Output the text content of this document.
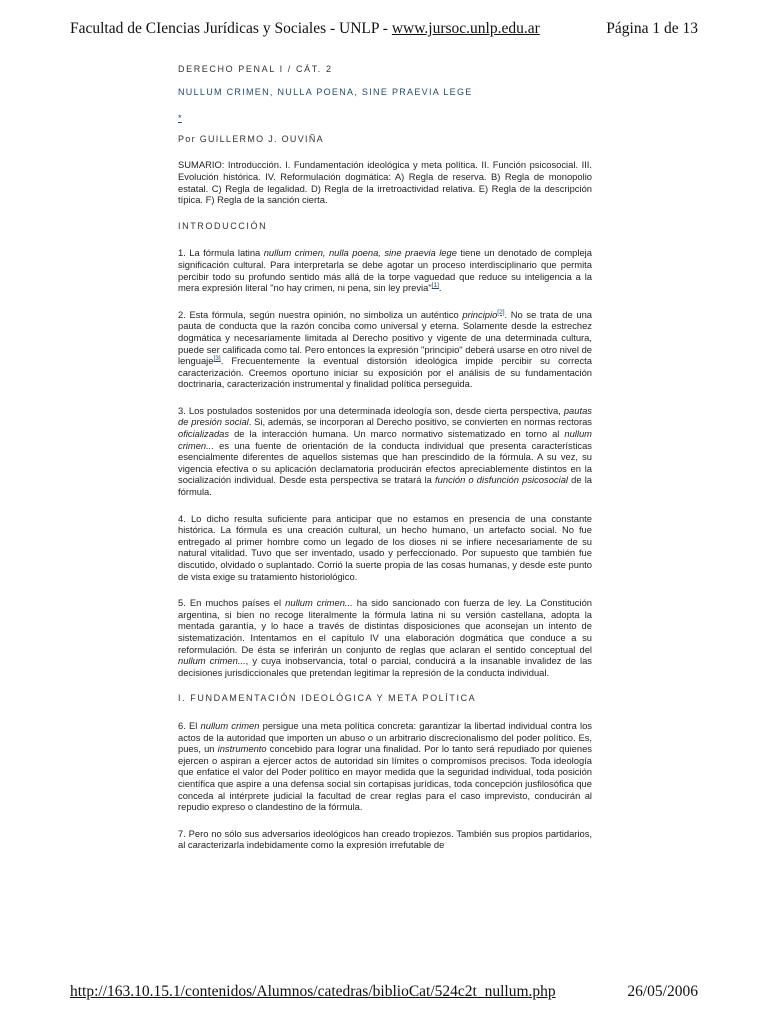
Facultad de CIencias Jurídicas y Sociales - UNLP - www.jursoc.unlp.edu.ar	Página 1 de 13
DERECHO PENAL I / CÁT. 2
NULLUM CRIMEN, NULLA POENA, SINE PRAEVIA LEGE
*
Por GUILLERMO J. OUVIÑA

SUMARIO: Introducción. I. Fundamentación ideológica y meta política. II. Función psicosocial. III. Evolución histórica. IV. Reformulación dogmática: A) Regla de reserva. B) Regla de monopolio estatal. C) Regla de legalidad. D) Regla de la irretroactividad relativa. E) Regla de la descripción típica. F) Regla de la sanción cierta.

INTRODUCCIÓN

1. La fórmula latina nullum crimen, nulla poena, sine praevia lege tiene un denotado de compleja significación cultural. Para interpretarla se debe agotar un proceso interdisciplinario que permita percibir todo su profundo sentido más allá de la torpe vaguedad que reduce su inteligencia a la mera expresión literal "no hay crimen, ni pena, sin ley previa"[1].

2. Esta fórmula, según nuestra opinión, no simboliza un auténtico principio[2]. No se trata de una pauta de conducta que la razón conciba como universal y eterna. Solamente desde la estrechez dogmática y necesariamente limitada al Derecho positivo y vigente de una determinada cultura, puede ser calificada como tal. Pero entonces la expresión "principio" deberá usarse en otro nivel de lenguaje[3]. Frecuentemente la eventual distorsión ideológica impide percibir su correcta caracterización. Creemos oportuno iniciar su exposición por el análisis de su fundamentación doctrinaria, caracterización instrumental y finalidad política perseguida.

3. Los postulados sostenidos por una determinada ideología son, desde cierta perspectiva, pautas de presión social. Si, además, se incorporan al Derecho positivo, se convierten en normas rectoras oficializadas de la interacción humana. Un marco normativo sistematizado en torno al nullum crimen... es una fuente de orientación de la conducta individual que presenta características esencialmente diferentes de aquellos sistemas que han prescindido de la fórmula. A su vez, su vigencia efectiva o su aplicación declamatoria producirán efectos apreciablemente distintos en la socialización individual. Desde esta perspectiva se tratará la función o disfunción psicosocial de la fórmula.

4. Lo dicho resulta suficiente para anticipar que no estamos en presencia de una constante histórica. La fórmula es una creación cultural, un hecho humano, un artefacto social. No fue entregado al primer hombre como un legado de los dioses ni se infiere necesariamente de su natural vitalidad. Tuvo que ser inventado, usado y perfeccionado. Por supuesto que también fue discutido, olvidado o suplantado. Corrió la suerte propia de las cosas humanas, y desde este punto de vista exige su tratamiento historiológico.

5. En muchos países el nullum crimen... ha sido sancionado con fuerza de ley. La Constitución argentina, si bien no recoge literalmente la fórmula latina ni su versión castellana, adopta la mentada garantía, y lo hace a través de distintas disposiciones que aconsejan un intento de sistematización. Intentamos en el capítulo IV una elaboración dogmática que conduce a su reformulación. De ésta se inferirán un conjunto de reglas que aclaran el sentido conceptual del nullum crimen..., y cuya inobservancia, total o parcial, conducirá a la insanable invalidez de las decisiones jurisdiccionales que pretendan legitimar la represión de la conducta individual.

I. FUNDAMENTACIÓN IDEOLÓGICA Y META POLÍTICA

6. El nullum crimen persigue una meta política concreta: garantizar la libertad individual contra los actos de la autoridad que importen un abuso o un arbitrario discrecionalismo del poder político. Es, pues, un instrumento concebido para lograr una finalidad. Por lo tanto será repudiado por quienes ejercen o aspiran a ejercer actos de autoridad sin límites o compromisos precisos. Toda ideología que enfatice el valor del Poder político en mayor medida que la seguridad individual, toda posición científica que aspire a una defensa social sin cortapisas jurídicas, toda concepción jusfilosófica que conceda al intérprete judicial la facultad de crear reglas para el caso imprevisto, conducirán al repudio expreso o clandestino de la fórmula.

7. Pero no sólo sus adversarios ideológicos han creado tropiezos. También sus propios partidarios, al caracterizarla indebidamente como la expresión irrefutable de

http://163.10.15.1/contenidos/Alumnos/catedras/biblioCat/524c2t_nullum.php	26/05/2006
